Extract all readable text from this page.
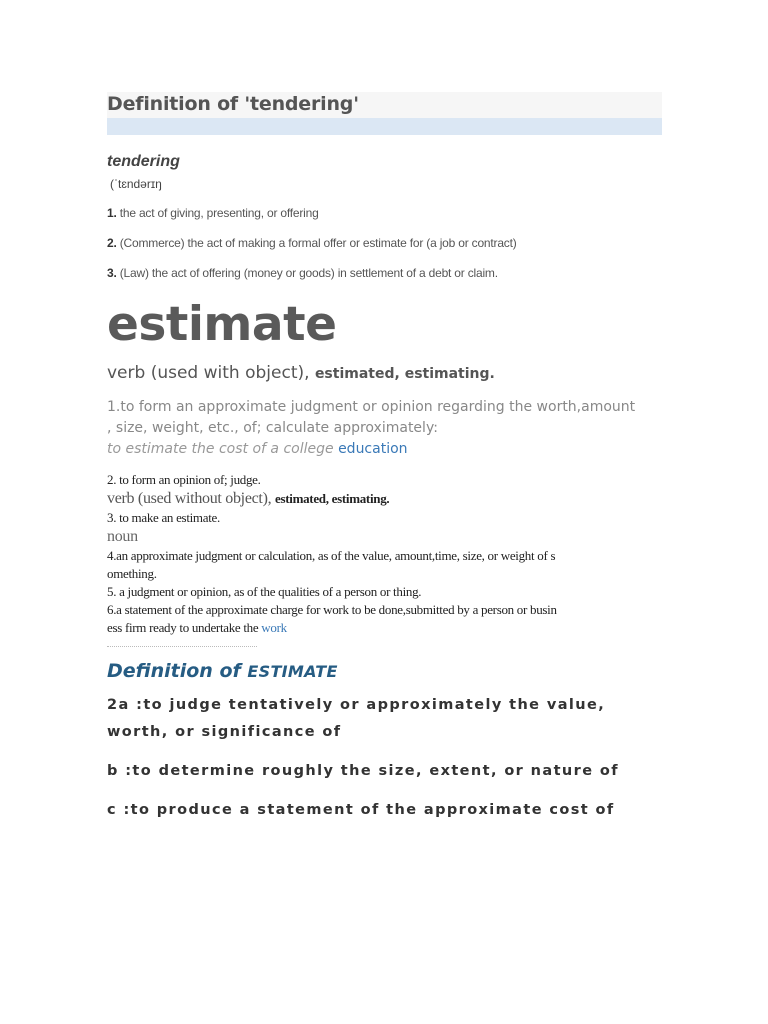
Definition of 'tendering'
tendering
(ˈtɛndərɪŋ
1. the act of giving, presenting, or offering
2. (Commerce) the act of making a formal offer or estimate for (a job or contract)
3. (Law) the act of offering (money or goods) in settlement of a debt or claim.
estimate
verb (used with object), estimated, estimating.
1.to form an approximate judgment or opinion regarding the worth,amount
, size, weight, etc., of; calculate approximately:
to estimate the cost of a college education
2. to form an opinion of; judge.
verb (used without object), estimated, estimating.
3. to make an estimate.
noun
4.an approximate judgment or calculation, as of the value, amount,time, size, or weight of s
omething.
5. a judgment or opinion, as of the qualities of a person or thing.
6.a statement of the approximate charge for work to be done,submitted by a person or busin
ess firm ready to undertake the work
Definition of ESTIMATE
2a :to judge tentatively or approximately the value,
worth, or significance of
b :to determine roughly the size, extent, or nature of
c :to produce a statement of the approximate cost of
